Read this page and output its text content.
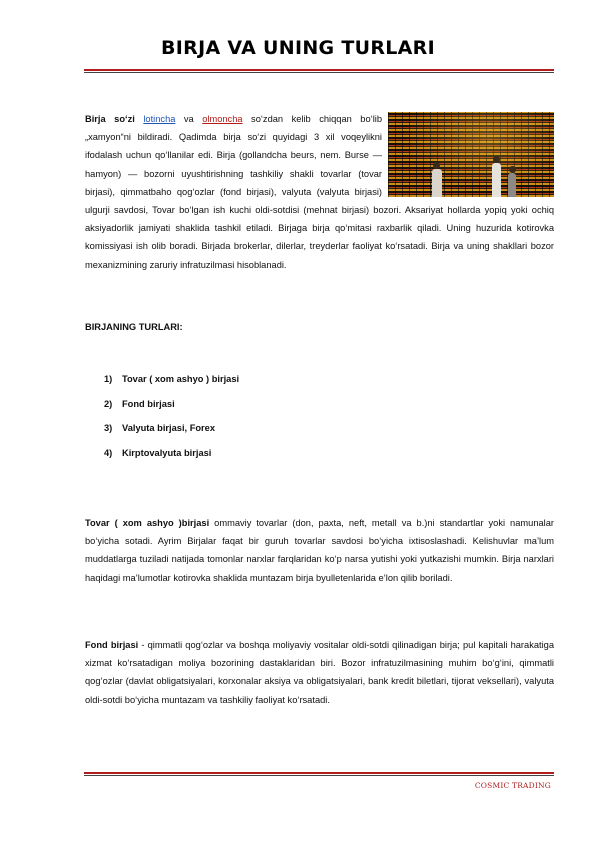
BIRJA VA UNING TURLARI
Birja so‘zi lotincha va olmoncha so‘zdan kelib chiqqan bo‘lib „xamyon“ni bildiradi. Qadimda birja so‘zi quyidagi 3 xil voqeylikni ifodalash uchun qo‘llanilar edi. Birja (gollandcha beurs, nem. Burse — hamyon) — bozorni uyushtirishning tashkiliy shakli tovarlar (tovar birjasi), qimmatbaho qog‘ozlar (fond birjasi), valyuta (valyuta birjasi) ulgurji savdosi, Tovar bo‘lgan ish kuchi oldi-sotdisi (mehnat birjasi) bozori. Aksariyat hollarda yopiq yoki ochiq aksiyadorlik jamiyati shaklida tashkil etiladi. Birjaga birja qo‘mitasi raxbarlik qiladi. Uning huzurida kotirovka komissiyasi ish olib boradi. Birjada brokerlar, dilerlar, treyderlar faoliyat ko‘rsatadi. Birja va uning shakllari bozor mexanizmining zaruriy infratuzilmasi hisoblanadi.
BIRJANING TURLARI:
1) Tovar ( xom ashyo ) birjasi
2) Fond birjasi
3) Valyuta birjasi, Forex
4) Kirptovalyuta birjasi
Tovar ( xom ashyo )birjasi ommaviy tovarlar (don, paxta, neft, metall va b.)ni standartlar yoki namunalar bo‘yicha sotadi. Ayrim Birjalar faqat bir guruh tovarlar savdosi bo‘yicha ixtisoslashadi. Kelishuvlar ma’lum muddatlarga tuziladi natijada tomonlar narxlar farqlaridan ko‘p narsa yutishi yoki yutkazishi mumkin. Birja narxlari haqidagi ma’lumotlar kotirovka shaklida muntazam birja byulletenlarida e’lon qilib boriladi.
Fond birjasi - qimmatli qog‘ozlar va boshqa moliyaviy vositalar oldi-sotdi qilinadigan birja; pul kapitali harakatiga xizmat ko‘rsatadigan moliya bozorining dastaklaridan biri. Bozor infratuzilmasining muhim bo‘g‘ini, qimmatli qog‘ozlar (davlat obligatsiyalari, korxonalar aksiya va obligatsiyalari, bank kredit biletlari, tijorat veksellari), valyuta oldi-sotdi bo‘yicha muntazam va tashkiliy faoliyat ko‘rsatadi.
COSMIC TRADING
